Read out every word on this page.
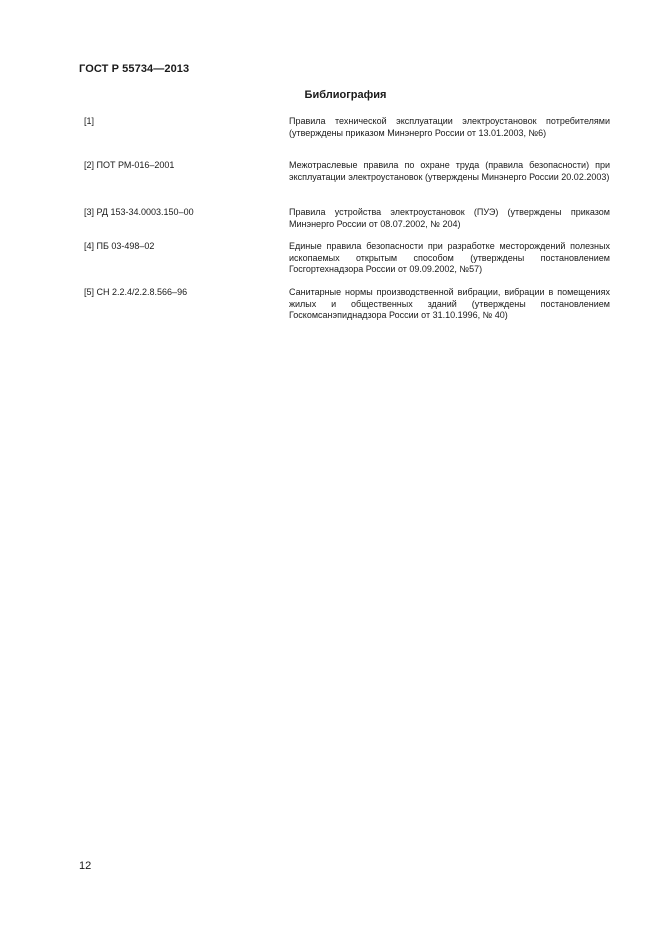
ГОСТ Р 55734—2013
Библиография
[1]	Правила технической эксплуатации электроустановок потребителями (утверждены приказом Минэнерго России от 13.01.2003, №6)
[2] ПОТ РМ-016–2001	Межотраслевые правила по охране труда (правила безопасности) при эксплуатации электроустановок (утверждены Минэнерго России 20.02.2003)
[3] РД 153-34.0003.150–00	Правила устройства электроустановок (ПУЭ) (утверждены приказом Минэнерго России от 08.07.2002, № 204)
[4] ПБ 03-498–02	Единые правила безопасности при разработке месторождений полезных ископаемых открытым способом (утверждены постановлением Госгортехнадзора России от 09.09.2002, №57)
[5] СН 2.2.4/2.2.8.566–96	Санитарные нормы производственной вибрации, вибрации в помещениях жилых и общественных зданий (утверждены постановлением Госкомсанэпиднадзора России от 31.10.1996, № 40)
12
